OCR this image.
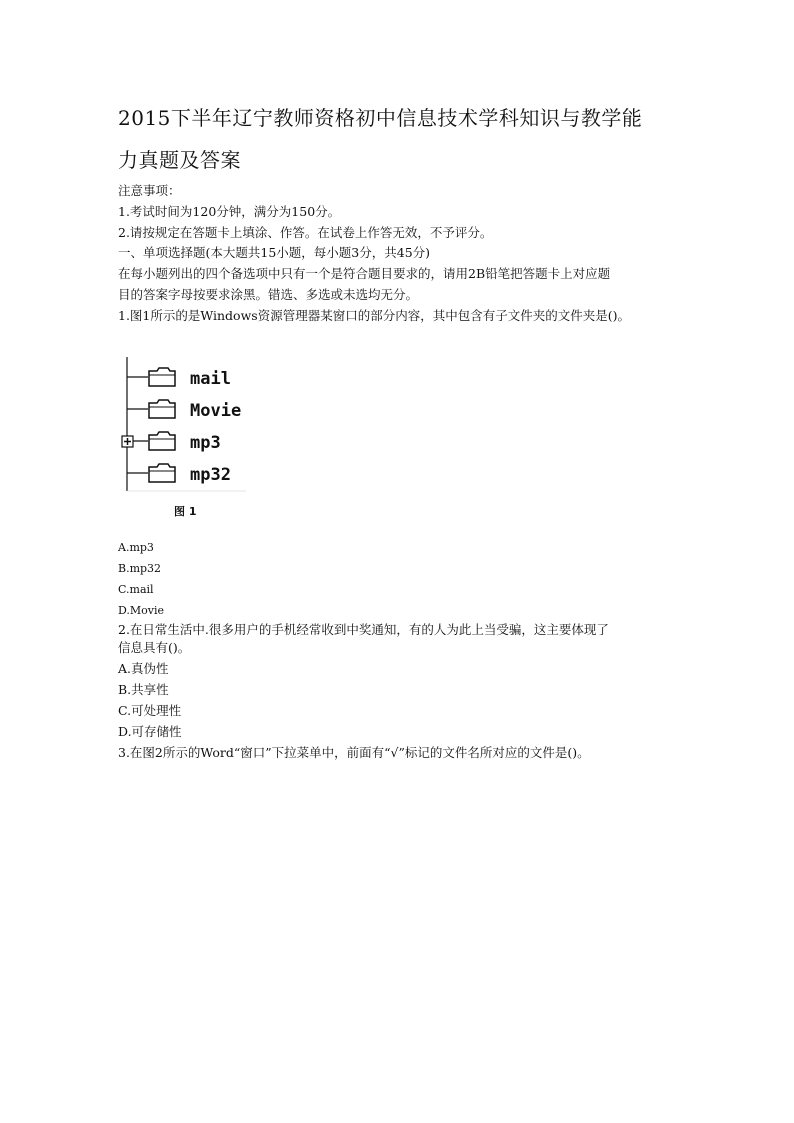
2015下半年辽宁教师资格初中信息技术学科知识与教学能
力真题及答案
注意事项：
1.考试时间为120分钟，满分为150分。
2.请按规定在答题卡上填涂、作答。在试卷上作答无效，不予评分。
一、单项选择题(本大题共15小题，每小题3分，共45分)
在每小题列出的四个备选项中只有一个是符合题目要求的，请用2B铅笔把答题卡上对应题
目的答案字母按要求涂黑。错选、多选或未选均无分。
1.图1所示的是Windows资源管理器某窗口的部分内容，其中包含有子文件夹的文件夹是()。
mail
Movie
mp3
mp32
图 1
A.mp3
B.mp32
C.mail
D.Movie
2.在日常生活中.很多用户的手机经常收到中奖通知，有的人为此上当受骗，这主要体现了
信息具有()。
A.真伪性
B.共享性
C.可处理性
D.可存储性
3.在图2所示的Word“窗口”下拉菜单中，前面有“√”标记的文件名所对应的文件是()。
